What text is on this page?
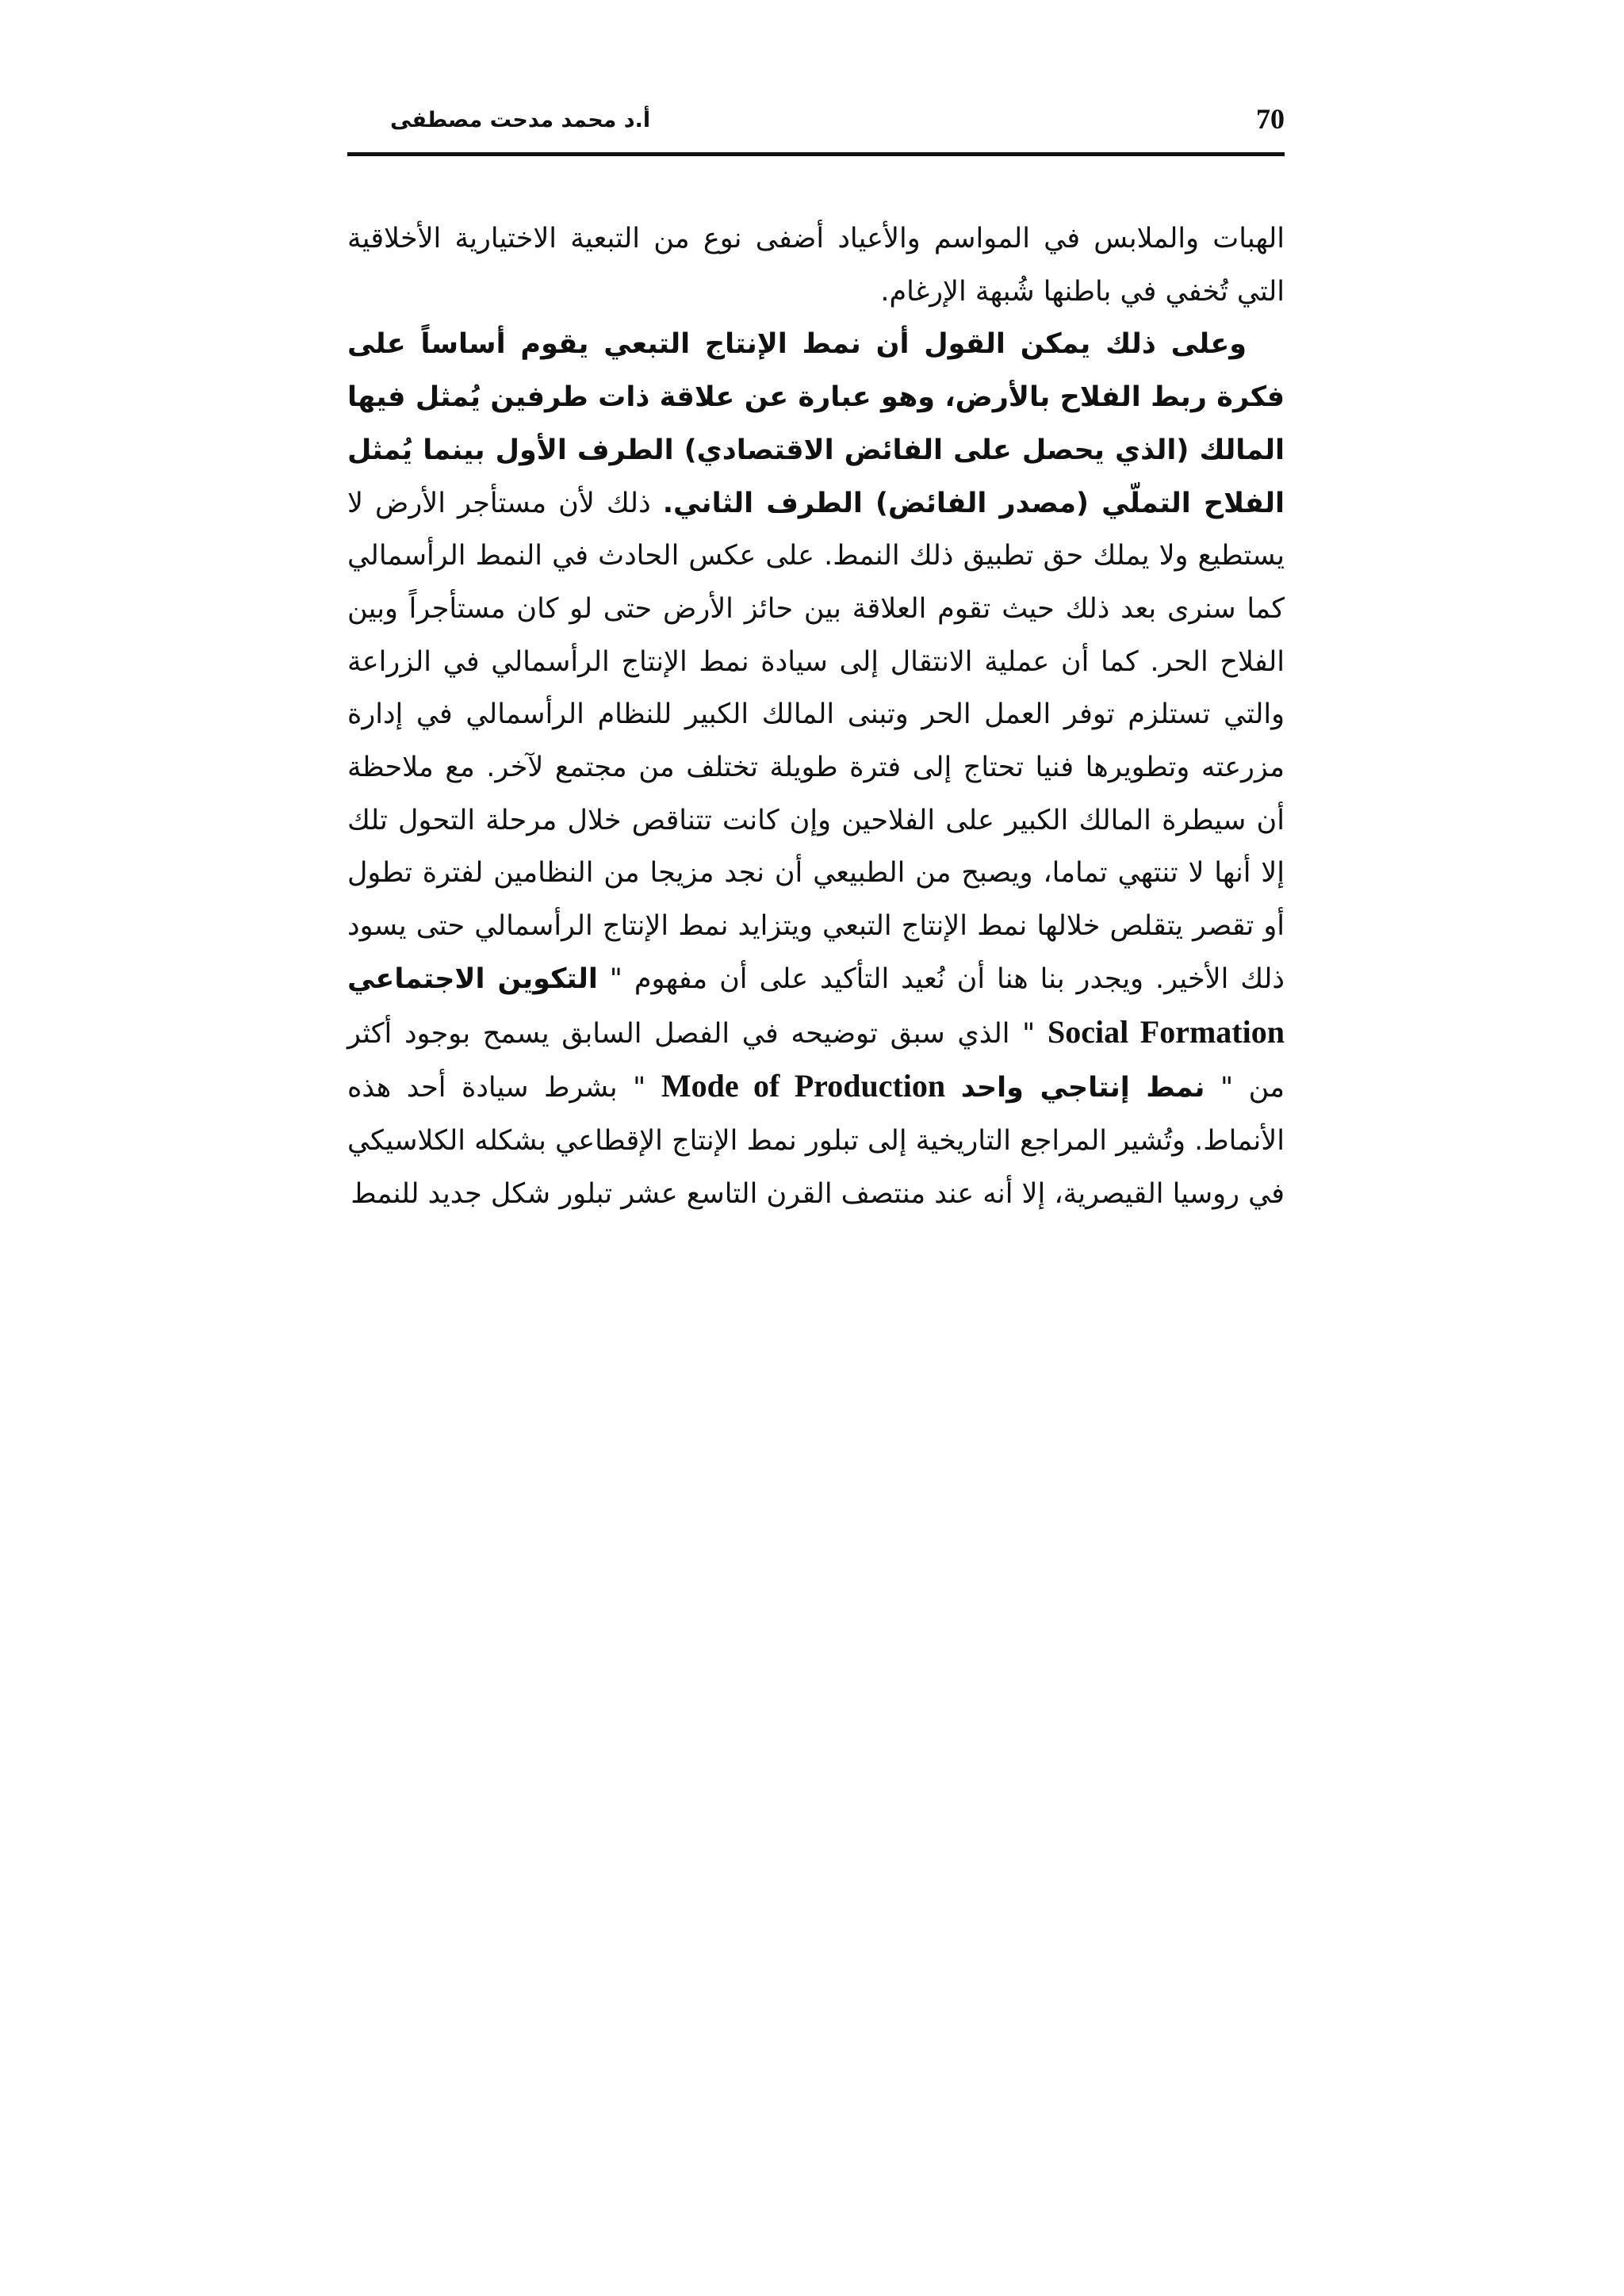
70
أ.د محمد مدحت مصطفى

الهبات والملابس في المواسم والأعياد أضفى نوع من التبعية الاختيارية الأخلاقية التي تُخفي في باطنها شُبهة الإرغام.

وعلى ذلك يمكن القول أن نمط الإنتاج التبعي يقوم أساساً على فكرة ربط الفلاح بالأرض، وهو عبارة عن علاقة ذات طرفين يُمثل فيها المالك (الذي يحصل على الفائض الاقتصادي) الطرف الأول بينما يُمثل الفلاح التملّي (مصدر الفائض) الطرف الثاني. ذلك لأن مستأجر الأرض لا يستطيع ولا يملك حق تطبيق ذلك النمط. على عكس الحادث في النمط الرأسمالي كما سنرى بعد ذلك حيث تقوم العلاقة بين حائز الأرض حتى لو كان مستأجراً وبين الفلاح الحر. كما أن عملية الانتقال إلى سيادة نمط الإنتاج الرأسمالي في الزراعة والتي تستلزم توفر العمل الحر وتبنى المالك الكبير للنظام الرأسمالي في إدارة مزرعته وتطويرها فنيا تحتاج إلى فترة طويلة تختلف من مجتمع لآخر. مع ملاحظة أن سيطرة المالك الكبير على الفلاحين وإن كانت تتناقص خلال مرحلة التحول تلك إلا أنها لا تنتهي تماما، ويصبح من الطبيعي أن نجد مزيجا من النظامين لفترة تطول أو تقصر يتقلص خلالها نمط الإنتاج التبعي ويتزايد نمط الإنتاج الرأسمالي حتى يسود ذلك الأخير. ويجدر بنا هنا أن نُعيد التأكيد على أن مفهوم " التكوين الاجتماعي Social Formation " الذي سبق توضيحه في الفصل السابق يسمح بوجود أكثر من " نمط إنتاجي واحد Mode of Production " بشرط سيادة أحد هذه الأنماط. وتُشير المراجع التاريخية إلى تبلور نمط الإنتاج الإقطاعي بشكله الكلاسيكي في روسيا القيصرية، إلا أنه عند منتصف القرن التاسع عشر تبلور شكل جديد للنمط
